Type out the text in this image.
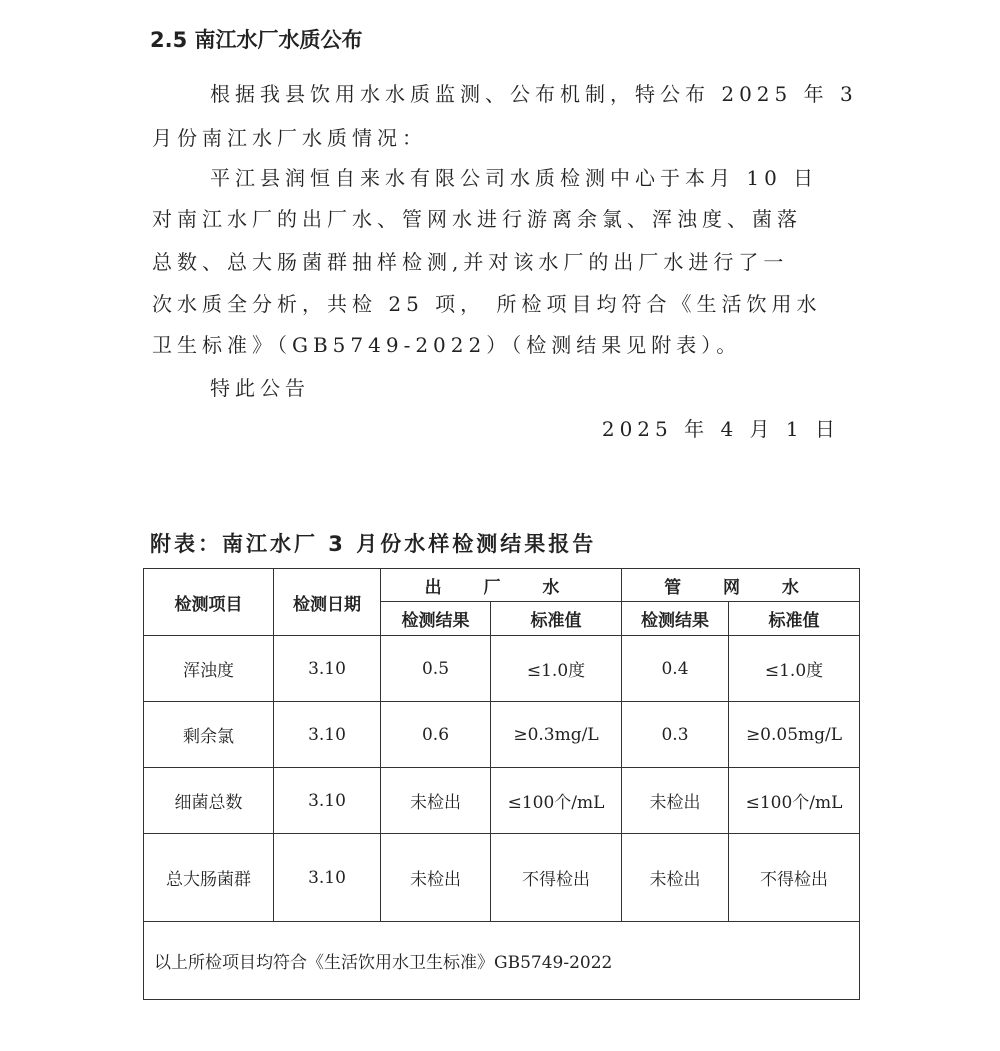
2.5 南江水厂水质公布
根据我县饮用水水质监测、公布机制，特公布 2025 年 3
月份南江水厂水质情况：
平江县润恒自来水有限公司水质检测中心于本月 10 日
对南江水厂的出厂水、管网水进行游离余氯、浑浊度、菌落
总数、总大肠菌群抽样检测,并对该水厂的出厂水进行了一
次水质全分析，共检 25 项， 所检项目均符合《生活饮用水
卫生标准》（GB5749-2022）（检测结果见附表）。
特此公告
2025 年 4 月 1 日
附表：南江水厂 3 月份水样检测结果报告
检测项目	检测日期	出 厂 水		管 网 水	
		检测结果	标准值	检测结果	标准值
浑浊度	3.10	0.5	≤1.0度	0.4	≤1.0度
剩余氯	3.10	0.6	≥0.3mg/L	0.3	≥0.05mg/L
细菌总数	3.10	未检出	≤100个/mL	未检出	≤100个/mL
总大肠菌群	3.10	未检出	不得检出	未检出	不得检出
以上所检项目均符合《生活饮用水卫生标准》GB5749-2022					
